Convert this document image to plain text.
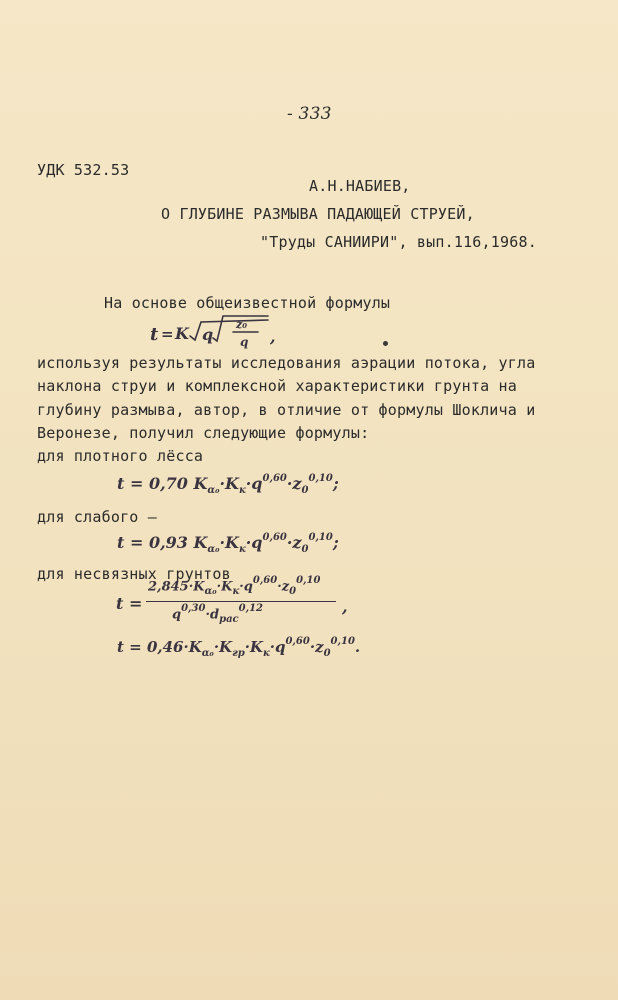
- 333
УДК 532.53
А.Н.НАБИЕВ,
О ГЛУБИНЕ РАЗМЫВА ПАДАЮЩЕЙ СТРУЕЙ,
"Труды САНИИРИ", вып.116,1968.
На основе общеизвестной формулы
t = K q
z₀
q ,
используя результаты исследования аэрации потока, угла
наклона струи и комплексной характеристики грунта на
глубину размыва, автор, в отличие от формулы Шоклича и
Веронезе, получил следующие формулы:
для плотного лёсса
t = 0,70 $K_{\alpha_0}\cdot K_к\cdot q^{0,60}\cdot z_0^{0,10}$;
для слабого –
t = 0,93 $K_{\alpha_0}\cdot K_к\cdot q^{0,60}\cdot z_0^{0,10}$;
для несвязных грунтов
t =
$2,845\cdot K_{\alpha_0}\cdot K_к\cdot q^{0,60}\cdot z_0^{0,10}$
$q^{0,30}\cdot d_{рас}^{0,12}$	,
$t = 0,46\cdot K_{\alpha_0}\cdot K_{гр}\cdot K_к\cdot q^{0,60}\cdot z_0^{0,10}$.
